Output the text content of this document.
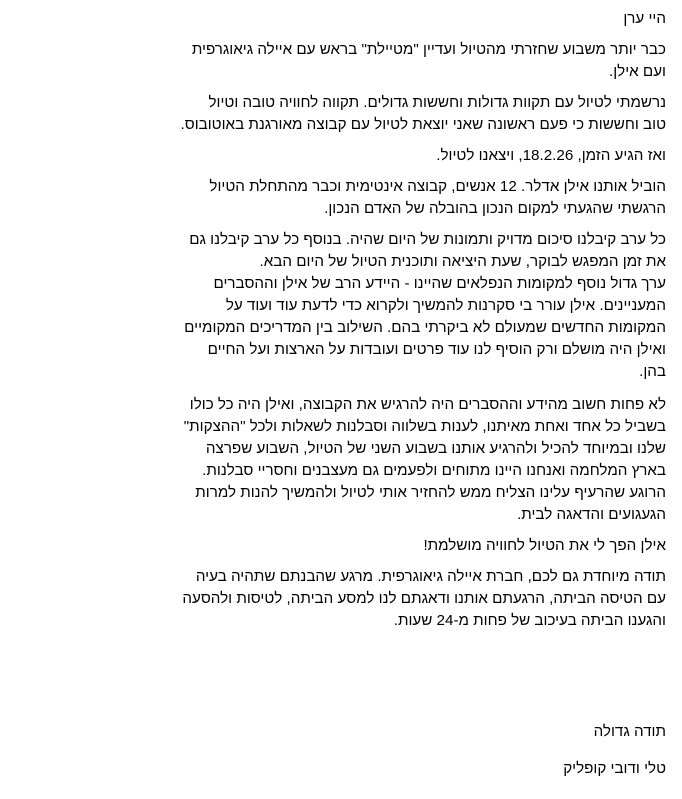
היי ערן
כבר יותר משבוע שחזרתי מהטיול ועדיין "מטיילת" בראש עם איילה גיאוגרפית
ועם אילן.
נרשמתי לטיול עם תקוות גדולות וחששות גדולים. תקווה לחוויה טובה וטיול
טוב וחששות כי פעם ראשונה שאני יוצאת לטיול עם קבוצה מאורגנת באוטובוס.
ואז הגיע הזמן, 18.2.26, ויצאנו לטיול.
הוביל אותנו אילן אדלר. 12 אנשים, קבוצה אינטימית וכבר מהתחלת הטיול
הרגשתי שהגעתי למקום הנכון בהובלה של האדם הנכון.
כל ערב קיבלנו סיכום מדויק ותמונות של היום שהיה. בנוסף כל ערב קיבלנו גם
את זמן המפגש לבוקר, שעת היציאה ותוכנית הטיול של היום הבא.
ערך גדול נוסף למקומות הנפלאים שהיינו - היידע הרב של אילן וההסברים
המעניינים. אילן עורר בי סקרנות להמשיך ולקרוא כדי לדעת עוד ועוד על
המקומות החדשים שמעולם לא ביקרתי בהם. השילוב בין המדריכים המקומיים
ואילן היה מושלם ורק הוסיף לנו עוד פרטים ועובדות על הארצות ועל החיים
בהן.
לא פחות חשוב מהידע וההסברים היה להרגיש את הקבוצה, ואילן היה כל כולו
בשביל כל אחד ואחת מאיתנו, לענות בשלווה וסבלנות לשאלות ולכל "ההצקות"
שלנו ובמיוחד להכיל ולהרגיע אותנו בשבוע השני של הטיול, השבוע שפרצה
בארץ המלחמה ואנחנו היינו מתוחים ולפעמים גם מעצבנים וחסריי סבלנות.
הרוגע שהרעיף עלינו הצליח ממש להחזיר אותי לטיול ולהמשיך להנות למרות
הגעגועים והדאגה לבית.
אילן הפך לי את הטיול לחוויה מושלמת!
תודה מיוחדת גם לכם, חברת איילה גיאוגרפית. מרגע שהבנתם שתהיה בעיה
עם הטיסה הביתה, הרגעתם אותנו ודאגתם לנו למסע הביתה, לטיסות ולהסעה
והגענו הביתה בעיכוב של פחות מ-24 שעות.
תודה גדולה
טלי ודובי קופליק
